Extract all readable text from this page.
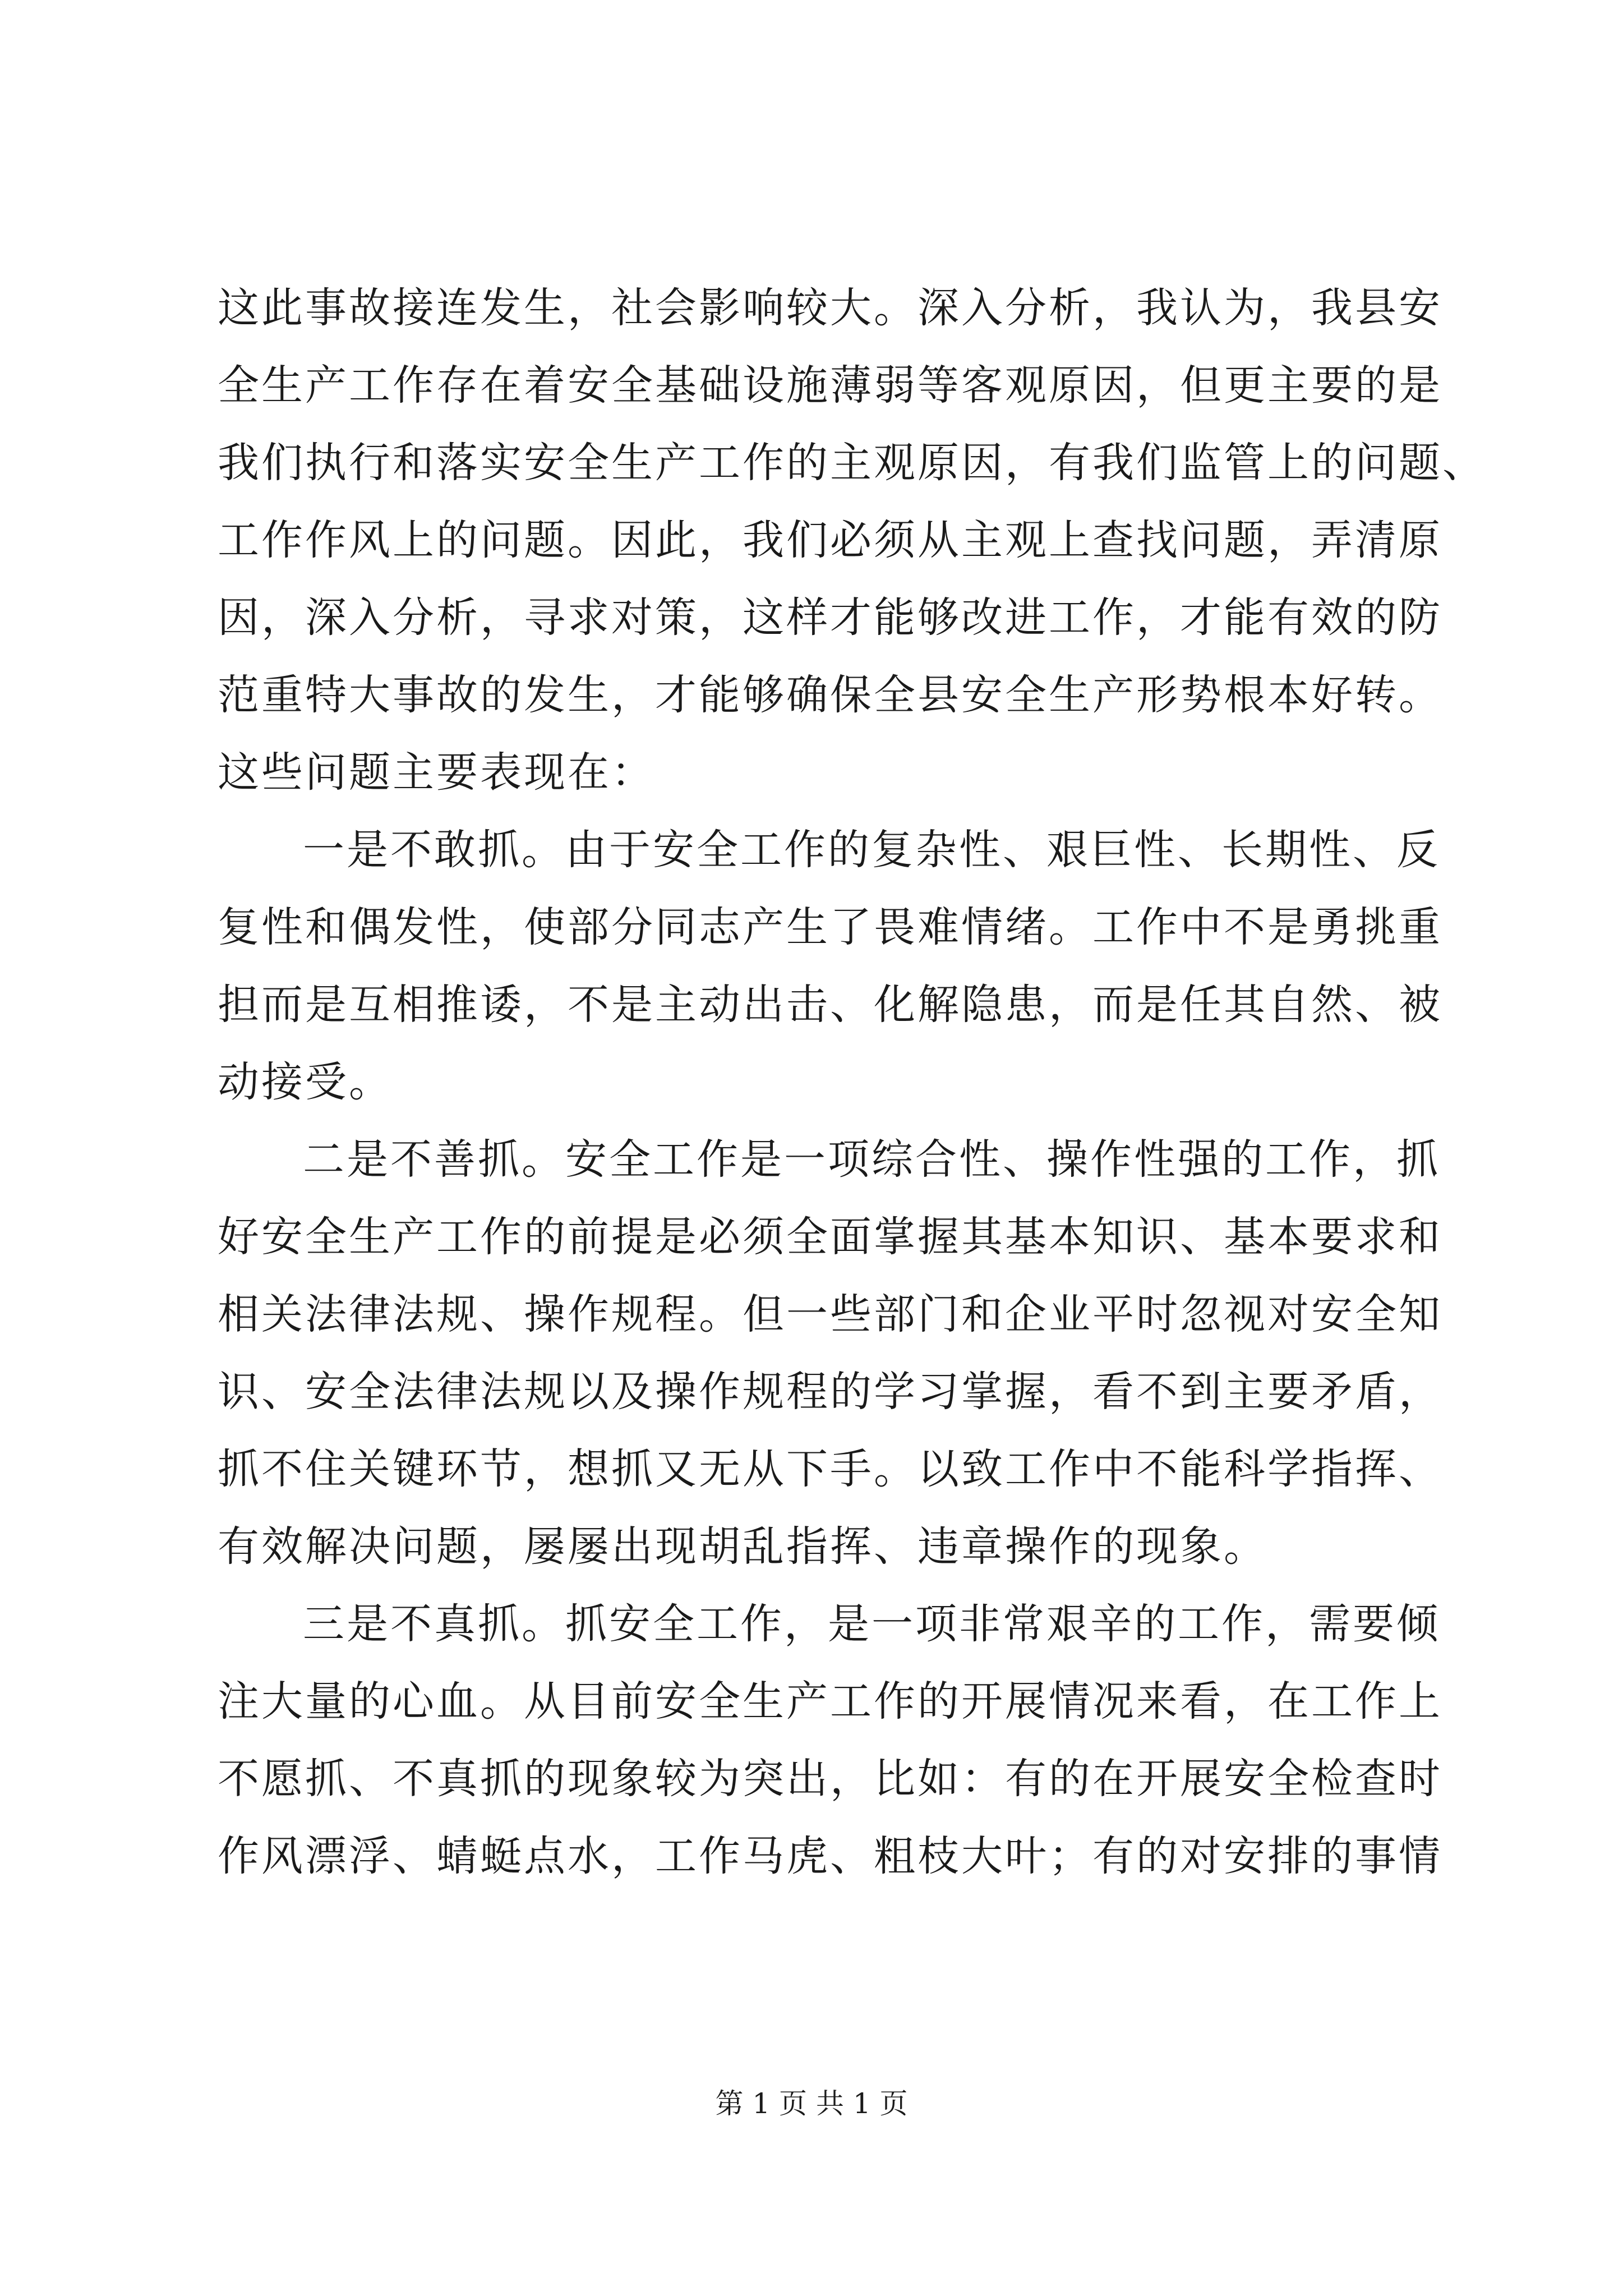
这此事故接连发生，社会影响较大。深入分析，我认为，我县安
全生产工作存在着安全基础设施薄弱等客观原因，但更主要的是
我们执行和落实安全生产工作的主观原因，有我们监管上的问题、
工作作风上的问题。因此，我们必须从主观上查找问题，弄清原
因，深入分析，寻求对策，这样才能够改进工作，才能有效的防
范重特大事故的发生，才能够确保全县安全生产形势根本好转。
这些问题主要表现在：
一是不敢抓。由于安全工作的复杂性、艰巨性、长期性、反
复性和偶发性，使部分同志产生了畏难情绪。工作中不是勇挑重
担而是互相推诿，不是主动出击、化解隐患，而是任其自然、被
动接受。
二是不善抓。安全工作是一项综合性、操作性强的工作，抓
好安全生产工作的前提是必须全面掌握其基本知识、基本要求和
相关法律法规、操作规程。但一些部门和企业平时忽视对安全知
识、安全法律法规以及操作规程的学习掌握，看不到主要矛盾，
抓不住关键环节，想抓又无从下手。以致工作中不能科学指挥、
有效解决问题，屡屡出现胡乱指挥、违章操作的现象。
三是不真抓。抓安全工作，是一项非常艰辛的工作，需要倾
注大量的心血。从目前安全生产工作的开展情况来看，在工作上
不愿抓、不真抓的现象较为突出，比如：有的在开展安全检查时
作风漂浮、蜻蜓点水，工作马虎、粗枝大叶；有的对安排的事情
第 1 页 共 1 页
